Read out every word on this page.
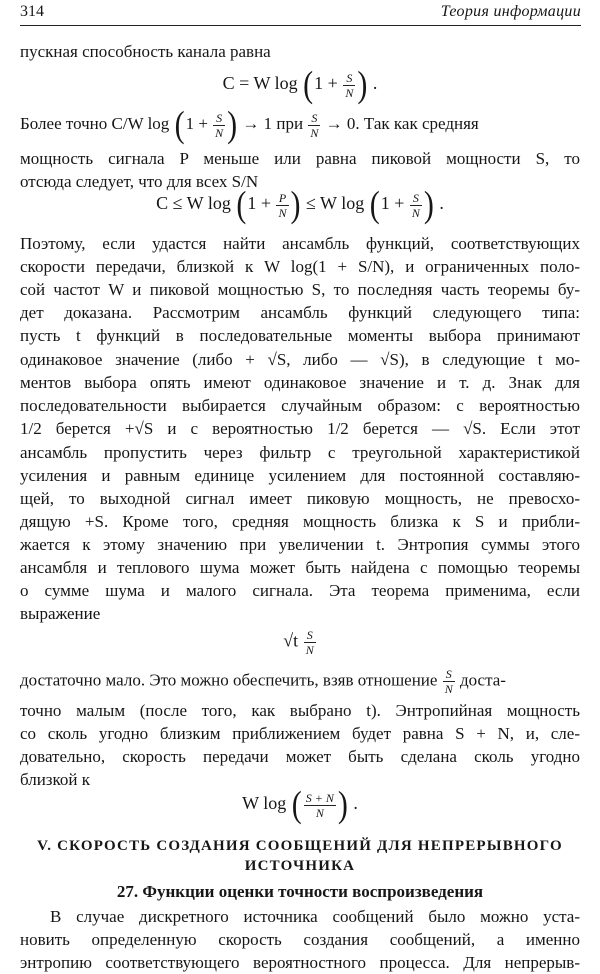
314	Теория информации

пускная способность канала равна

C = W $\log (1 + \frac{S}{N}$ ) .
Более точно C/W $\log (1 + \frac{S}{N}$ ) → 1 при $\frac{S}{N} \to 0$. Так как средняя

мощность сигнала P меньше или равна пиковой мощности S, то

отсюда следует, что для всех S/N

C ≤ W $\log (1 + \frac{P}{N}$ ) ≤ W $\log (1 + \frac{S}{N}$ ) .

Поэтому, если удастся найти ансамбль функций, соответствующих

скорости передачи, близкой к W log(1 + S/N), и ограниченных поло-

сой частот W и пиковой мощностью S, то последняя часть теоремы бу-

дет доказана. Рассмотрим ансамбль функций следующего типа:

пусть t функций в последовательные моменты выбора принимают

одинаковое значение (либо + √S, либо — √S), в следующие t мо-

ментов выбора опять имеют одинаковое значение и т. д. Знак для

последовательности выбирается случайным образом: с вероятностью

1/2 берется +√S и с вероятностью 1/2 берется — √S. Если этот

ансамбль пропустить через фильтр с треугольной характеристикой

усиления и равным единице усилением для постоянной составляю-

щей, то выходной сигнал имеет пиковую мощность, не превосхо-

дящую +S. Кроме того, средняя мощность близка к S и прибли-

жается к этому значению при увеличении t. Энтропия суммы этого

ансамбля и теплового шума может быть найдена с помощью теоремы

о сумме шума и малого сигнала. Эта теорема применима, если

выражение

$√t \frac{S}{N}$
достаточно мало. Это можно обеспечить, взяв отношение $\frac{S}{N}$ доста-

точно малым (после того, как выбрано t). Энтропийная мощность

со сколь угодно близким приближением будет равна S + N, и, сле-

довательно, скорость передачи может быть сделана сколь угодно

близкой к

W log ( $\frac{S + N}{N}$ ) .

V. СКОРОСТЬ СОЗДАНИЯ СООБЩЕНИЙ ДЛЯ НЕПРЕРЫВНОГО

ИСТОЧНИКА

27. Функции оценки точности воспроизведения

В случае дискретного источника сообщений было можно уста-

новить определенную скорость создания сообщений, а именно

энтропию соответствующего вероятностного процесса. Для непрерыв-
